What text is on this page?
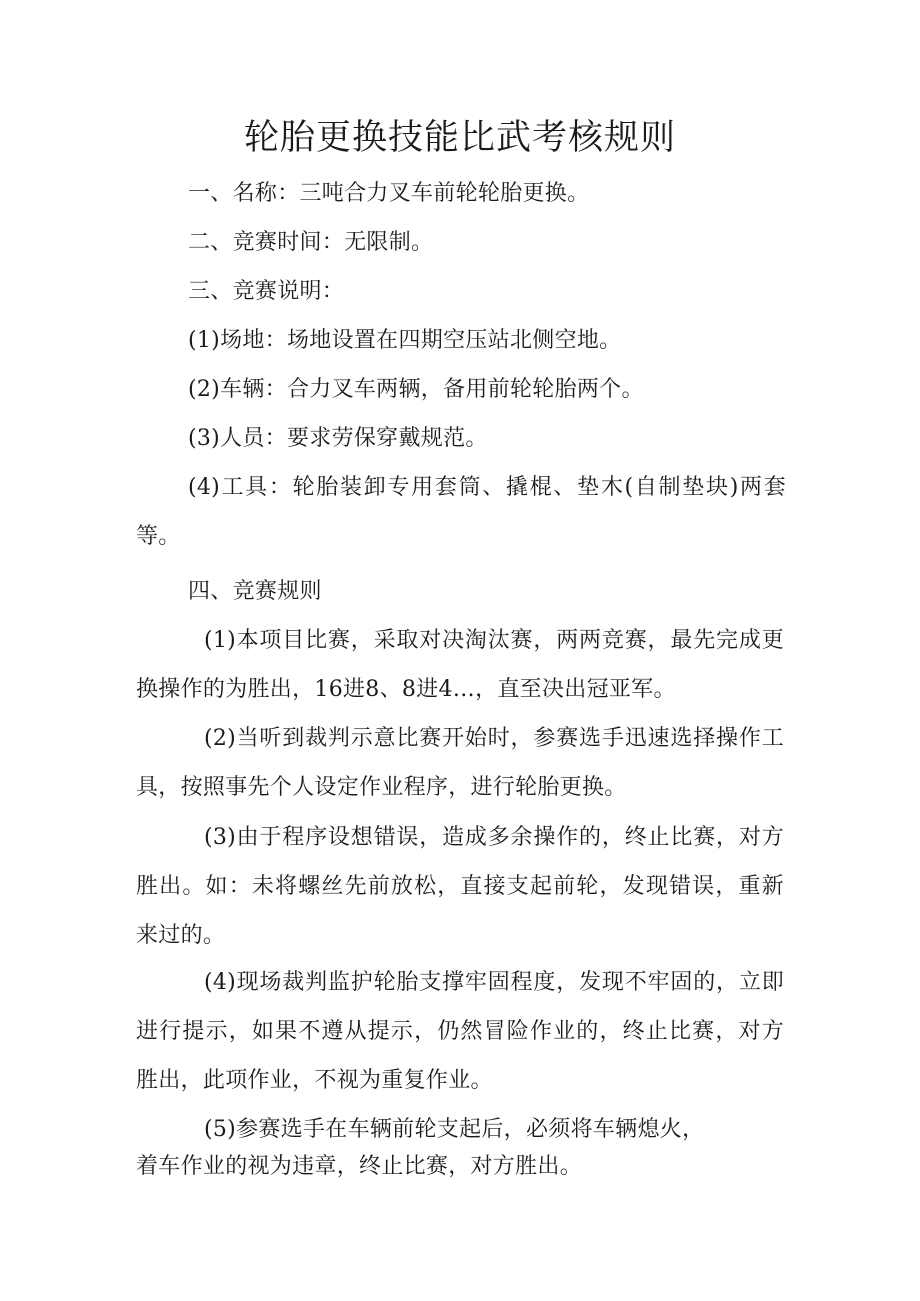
轮胎更换技能比武考核规则
一、名称：三吨合力叉车前轮轮胎更换。
二、竞赛时间：无限制。
三、竞赛说明：
(1)场地：场地设置在四期空压站北侧空地。
(2)车辆：合力叉车两辆，备用前轮轮胎两个。
(3)人员：要求劳保穿戴规范。
(4)工具：轮胎装卸专用套筒、撬棍、垫木(自制垫块)两套
等。
四、竞赛规则
(1)本项目比赛，采取对决淘汰赛，两两竞赛，最先完成更
换操作的为胜出，16进8、8进4…，直至决出冠亚军。
(2)当听到裁判示意比赛开始时，参赛选手迅速选择操作工
具，按照事先个人设定作业程序，进行轮胎更换。
(3)由于程序设想错误，造成多余操作的，终止比赛，对方
胜出。如：未将螺丝先前放松，直接支起前轮，发现错误，重新
来过的。
(4)现场裁判监护轮胎支撑牢固程度，发现不牢固的，立即
进行提示，如果不遵从提示，仍然冒险作业的，终止比赛，对方
胜出，此项作业，不视为重复作业。
(5)参赛选手在车辆前轮支起后，必须将车辆熄火，
着车作业的视为违章，终止比赛，对方胜出。
